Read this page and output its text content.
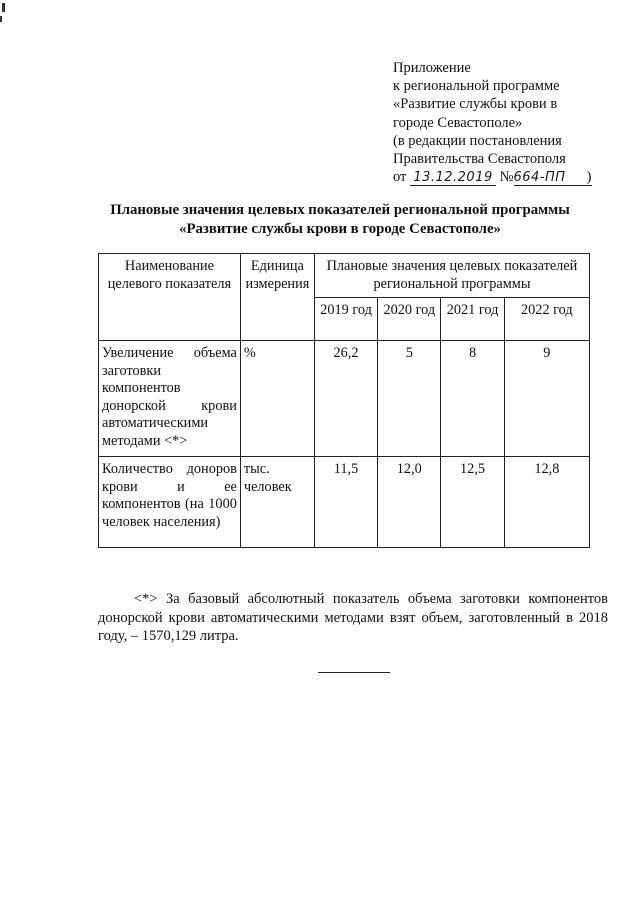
Приложение
к региональной программе
«Развитие службы крови в
городе Севастополе»
(в редакции постановления
Правительства Севастополя
от 13.12.2019 №664-ПП )
Плановые значения целевых показателей региональной программы
«Развитие службы крови в городе Севастополе»
Наименование целевого показателя	Единица измерения	Плановые значения целевых показателей региональной программы			
		2019 год	2020 год	2021 год	2022 год
Увеличение объема заготовки компонентов донорской крови автоматическими методами <*>	%	26,2	5	8	9
Количество доноров крови и ее компонентов (на 1000 человек населения)	тыс. человек	11,5	12,0	12,5	12,8
<*> За базовый абсолютный показатель объема заготовки компонентов донорской крови автоматическими методами взят объем, заготовленный в 2018 году, – 1570,129 литра.
